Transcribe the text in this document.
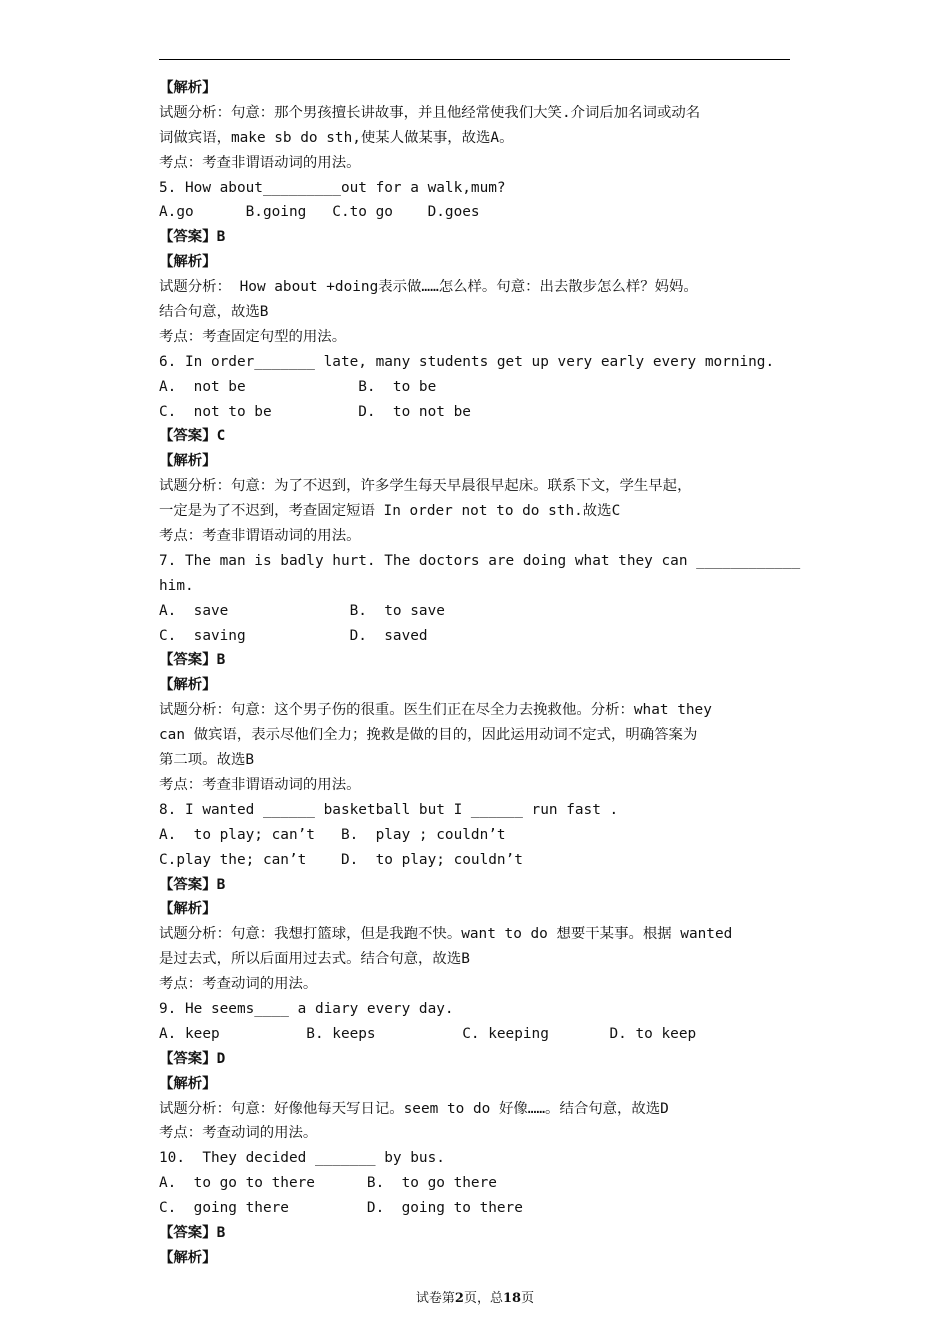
【解析】
试题分析：句意：那个男孩擅长讲故事，并且他经常使我们大笑.介词后加名词或动名
词做宾语，make sb do sth,使某人做某事，故选A。
考点：考查非谓语动词的用法。
5. How about_________out for a walk,mum?
A.go      B.going   C.to go    D.goes
【答案】B
【解析】
试题分析： How about +doing表示做……怎么样。句意：出去散步怎么样？妈妈。
结合句意，故选B
考点：考查固定句型的用法。
6. In order_______ late, many students get up very early every morning.
A.  not be             B.  to be
C.  not to be          D.  to not be
【答案】C
【解析】
试题分析：句意：为了不迟到，许多学生每天早晨很早起床。联系下文，学生早起，
一定是为了不迟到，考查固定短语 In order not to do sth.故选C
考点：考查非谓语动词的用法。
7. The man is badly hurt. The doctors are doing what they can ____________
him.
A.  save              B.  to save
C.  saving            D.  saved
【答案】B
【解析】
试题分析：句意：这个男子伤的很重。医生们正在尽全力去挽救他。分析：what they
can 做宾语，表示尽他们全力；挽救是做的目的，因此运用动词不定式，明确答案为
第二项。故选B
考点：考查非谓语动词的用法。
8. I wanted ______ basketball but I ______ run fast .
A.  to play; can’t   B.  play ; couldn’t
C.play the; can’t    D.  to play; couldn’t
【答案】B
【解析】
试题分析：句意：我想打篮球，但是我跑不快。want to do 想要干某事。根据 wanted
是过去式，所以后面用过去式。结合句意，故选B
考点：考查动词的用法。
9. He seems____ a diary every day.
A. keep          B. keeps          C. keeping       D. to keep
【答案】D
【解析】
试题分析：句意：好像他每天写日记。seem to do 好像……。结合句意，故选D
考点：考查动词的用法。
10.  They decided _______ by bus.
A.  to go to there      B.  to go there
C.  going there         D.  going to there
【答案】B
【解析】
试卷第2页，总18页
